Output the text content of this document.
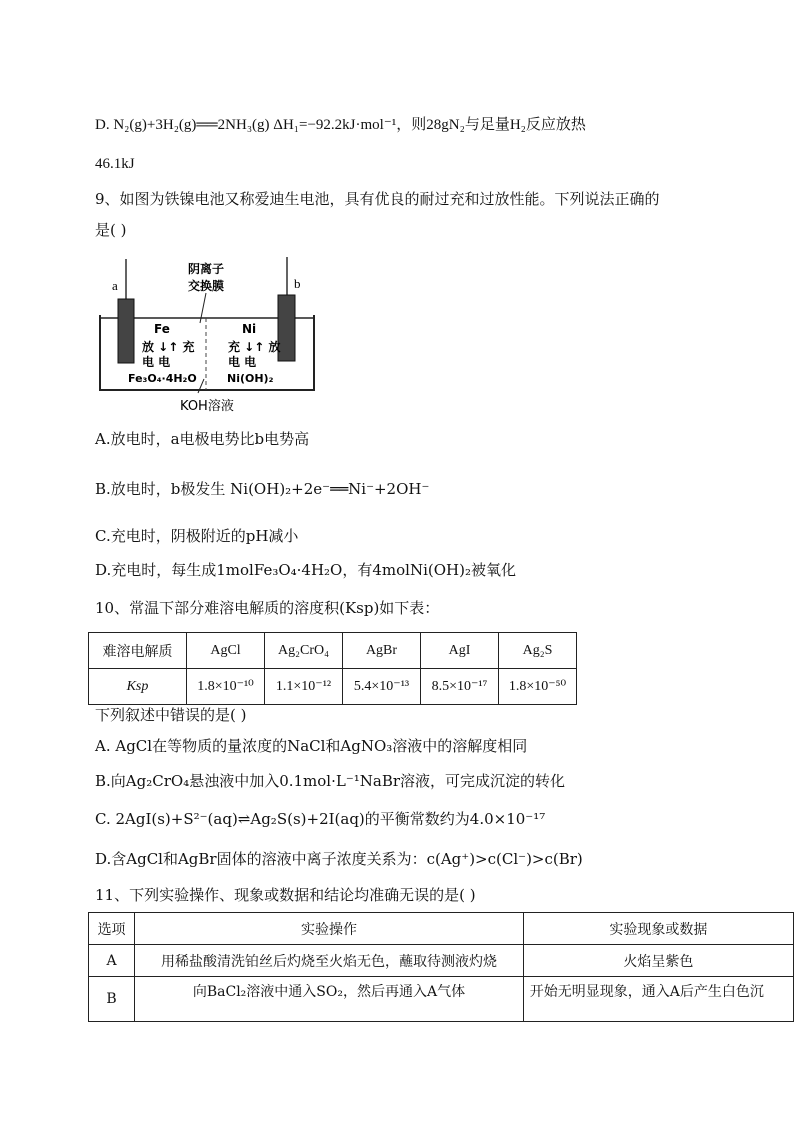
D. N₂(g)+3H₂(g)══2NH₃(g) ΔH₁=−92.2kJ·mol⁻¹，则28gN₂与足量H₂反应放热
46.1kJ
9、如图为铁镍电池又称爱迪生电池，具有优良的耐过充和过放性能。下列说法正确的
是( )
a	b
阴离子
交换膜
Fe
放 ↓↑ 充
电 电
Fe₃O₄·4H₂O
Ni
充 ↓↑ 放
电 电
Ni(OH)₂
KOH溶液
A.放电时，a电极电势比b电势高
B.放电时，b极发生 Ni(OH)₂+2e⁻══Ni⁻+2OH⁻
C.充电时，阴极附近的pH减小
D.充电时，每生成1molFe₃O₄·4H₂O，有4molNi(OH)₂被氧化
10、常温下部分难溶电解质的溶度积(Ksp)如下表：
难溶电解质	AgCl	Ag₂CrO₄	AgBr	AgI	Ag₂S
Ksp	1.8×10⁻¹⁰	1.1×10⁻¹²	5.4×10⁻¹³	8.5×10⁻¹⁷	1.8×10⁻⁵⁰
下列叙述中错误的是( )
A. AgCl在等物质的量浓度的NaCl和AgNO₃溶液中的溶解度相同
B.向Ag₂CrO₄悬浊液中加入0.1mol·L⁻¹NaBr溶液，可完成沉淀的转化
C. 2AgI(s)+S²⁻(aq)⇌Ag₂S(s)+2I(aq)的平衡常数约为4.0×10⁻¹⁷
D.含AgCl和AgBr固体的溶液中离子浓度关系为：c(Ag⁺)>c(Cl⁻)>c(Br)
11、下列实验操作、现象或数据和结论均准确无误的是( )
选项	实验操作	实验现象或数据
A	用稀盐酸清洗铂丝后灼烧至火焰无色，蘸取待测液灼烧	火焰呈紫色
B	向BaCl₂溶液中通入SO₂，然后再通入A气体	开始无明显现象，通入A后产生白色沉
